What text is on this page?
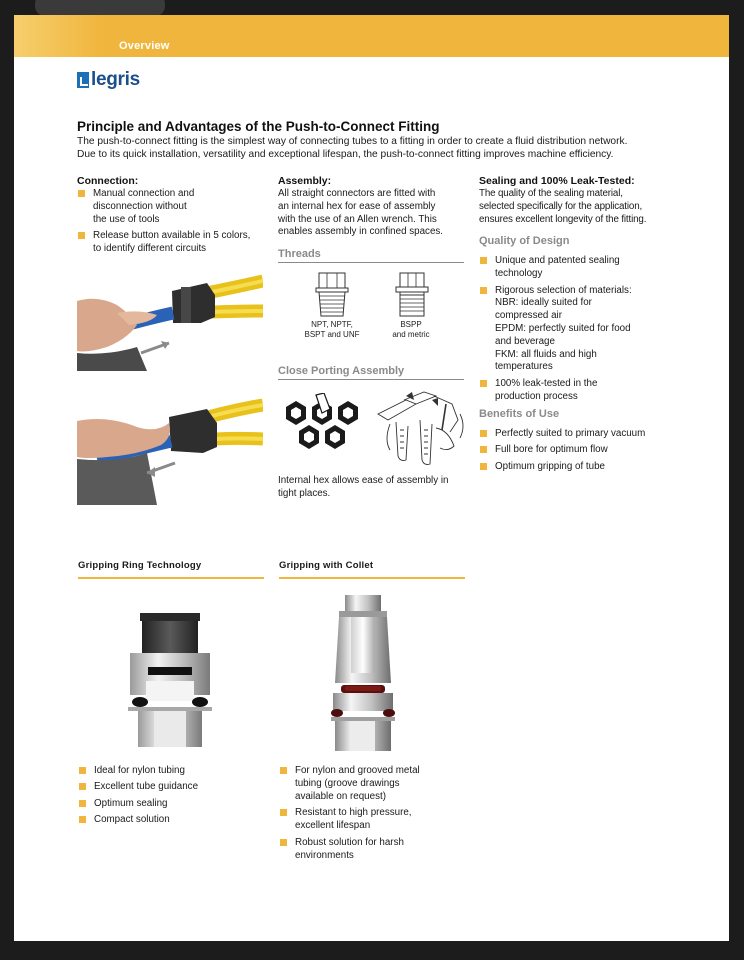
Overview
legris
Principle and Advantages of the Push-to-Connect Fitting
The push-to-connect fitting is the simplest way of connecting tubes to a fitting in order to create a fluid distribution network.
Due to its quick installation, versatility and exceptional lifespan, the push-to-connect fitting improves machine efficiency.
Connection:
Manual connection and
disconnection without
the use of tools
Release button available in 5 colors,
to identify different circuits
Assembly:
All straight connectors are fitted with
an internal hex for ease of assembly
with the use of an Allen wrench. This
enables assembly in confined spaces.
Threads
NPT, NPTF,
BSPT and UNF
BSPP
and metric
Close Porting Assembly
Internal hex allows ease of assembly in
tight places.
Sealing and 100% Leak-Tested:
The quality of the sealing material,
selected specifically for the application,
ensures excellent longevity of the fitting.
Quality of Design
Unique and patented sealing
technology
Rigorous selection of materials:
NBR: ideally suited for
compressed air
EPDM: perfectly suited for food
and beverage
FKM: all fluids and high
temperatures
100% leak-tested in the
production process
Benefits of Use
Perfectly suited to primary vacuum
Full bore for optimum flow
Optimum gripping of tube
Gripping Ring Technology
Ideal for nylon tubing
Excellent tube guidance
Optimum sealing
Compact solution
Gripping with Collet
For nylon and grooved metal
tubing (groove drawings
available on request)
Resistant to high pressure,
excellent lifespan
Robust solution for harsh
environments
